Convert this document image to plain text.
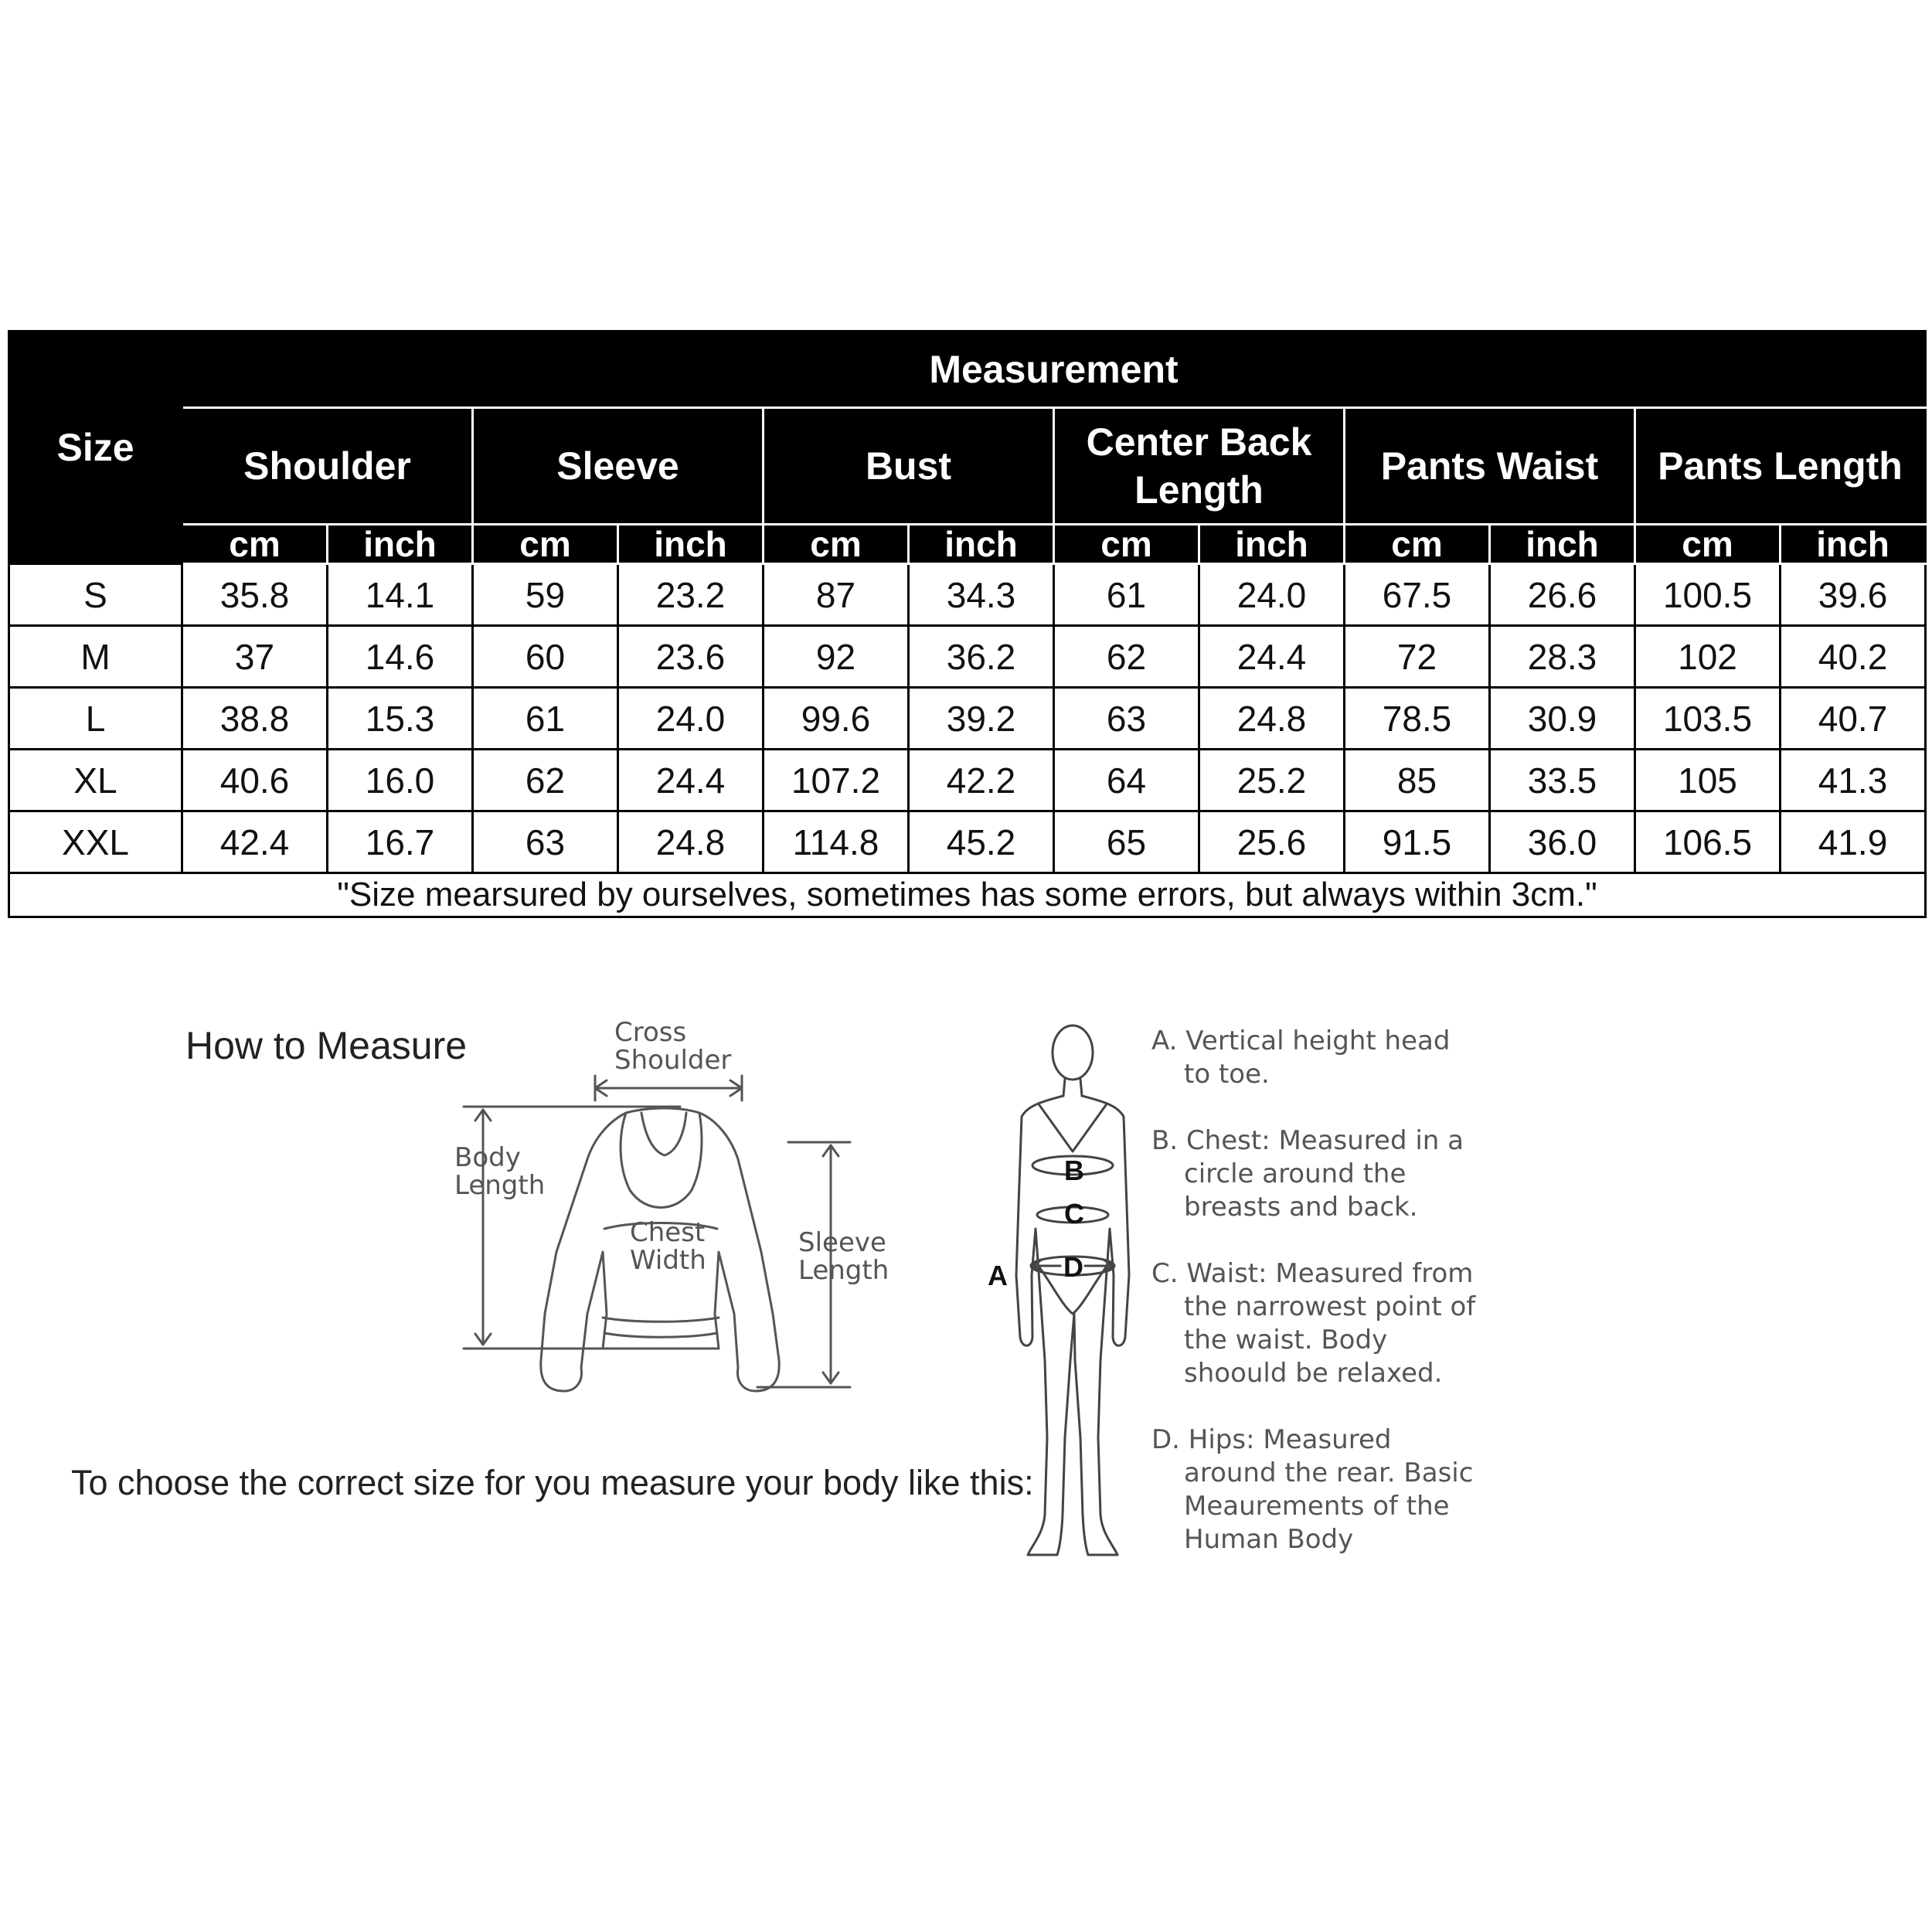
Size	Measurement											
	Shoulder		Sleeve		Bust		Center Back Length		Pants Waist		Pants Length	
	cm	inch	cm	inch	cm	inch	cm	inch	cm	inch	cm	inch
S	35.8	14.1	59	23.2	87	34.3	61	24.0	67.5	26.6	100.5	39.6
M	37	14.6	60	23.6	92	36.2	62	24.4	72	28.3	102	40.2
L	38.8	15.3	61	24.0	99.6	39.2	63	24.8	78.5	30.9	103.5	40.7
XL	40.6	16.0	62	24.4	107.2	42.2	64	25.2	85	33.5	105	41.3
XXL	42.4	16.7	63	24.8	114.8	45.2	65	25.6	91.5	36.0	106.5	41.9
"Size mearsured by ourselves, sometimes has some errors, but always within 3cm."												
How to Measure
To choose the correct size for you measure your body like this:
Cross
Shoulder
Body
Length
Chest
Width
Sleeve
Length	A
B
C
D

A. Vertical height head to toe.

B. Chest: Measured in a circle around the breasts and back.

C. Waist: Measured from the narrowest point of the waist. Body shoould be relaxed.

D. Hips: Measured around the rear. Basic Meaurements of the Human Body
